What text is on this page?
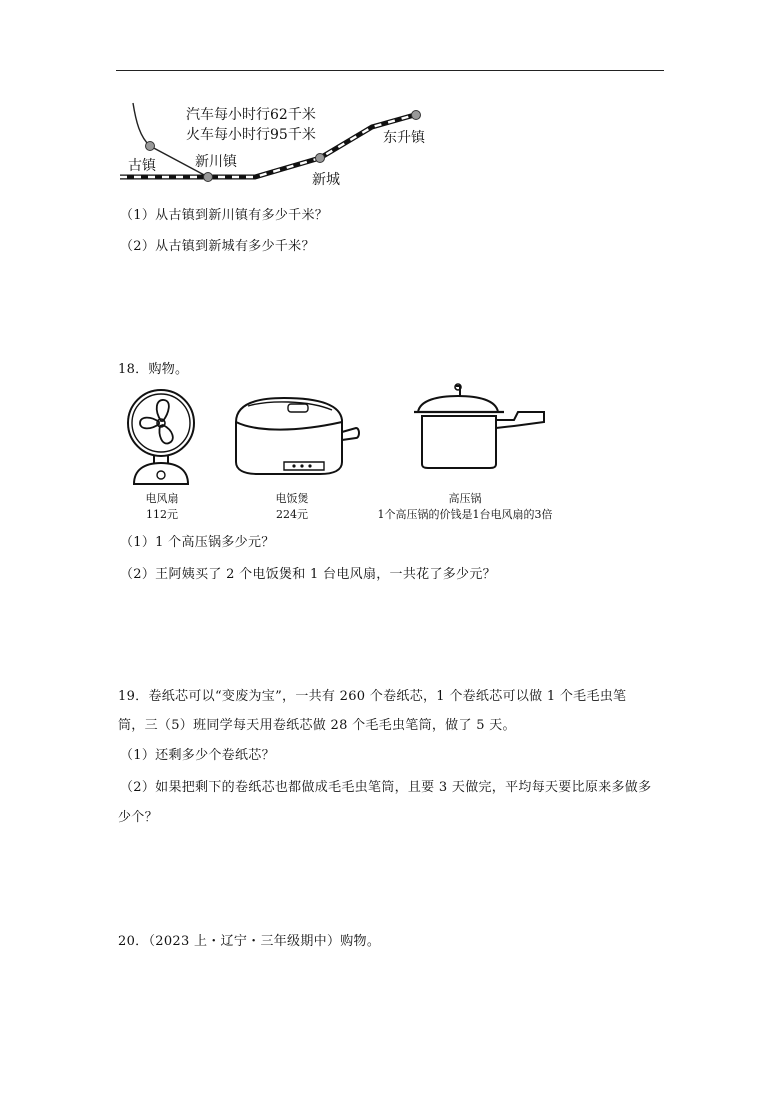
汽车每小时行62千米
火车每小时行95千米
古镇	新川镇
新城
东升镇
（1）从古镇到新川镇有多少千米？
（2）从古镇到新城有多少千米？
18．购物。
电风扇
112元
电饭煲
224元
高压锅
1个高压锅的价钱是1台电风扇的3倍
（1）1 个高压锅多少元？
（2）王阿姨买了 2 个电饭煲和 1 台电风扇，一共花了多少元？
19．卷纸芯可以“变废为宝”，一共有 260 个卷纸芯，1 个卷纸芯可以做 1 个毛毛虫笔
筒，三（5）班同学每天用卷纸芯做 28 个毛毛虫笔筒，做了 5 天。
（1）还剩多少个卷纸芯？
（2）如果把剩下的卷纸芯也都做成毛毛虫笔筒，且要 3 天做完，平均每天要比原来多做多
少个？
20．（2023 上・辽宁・三年级期中）购物。
